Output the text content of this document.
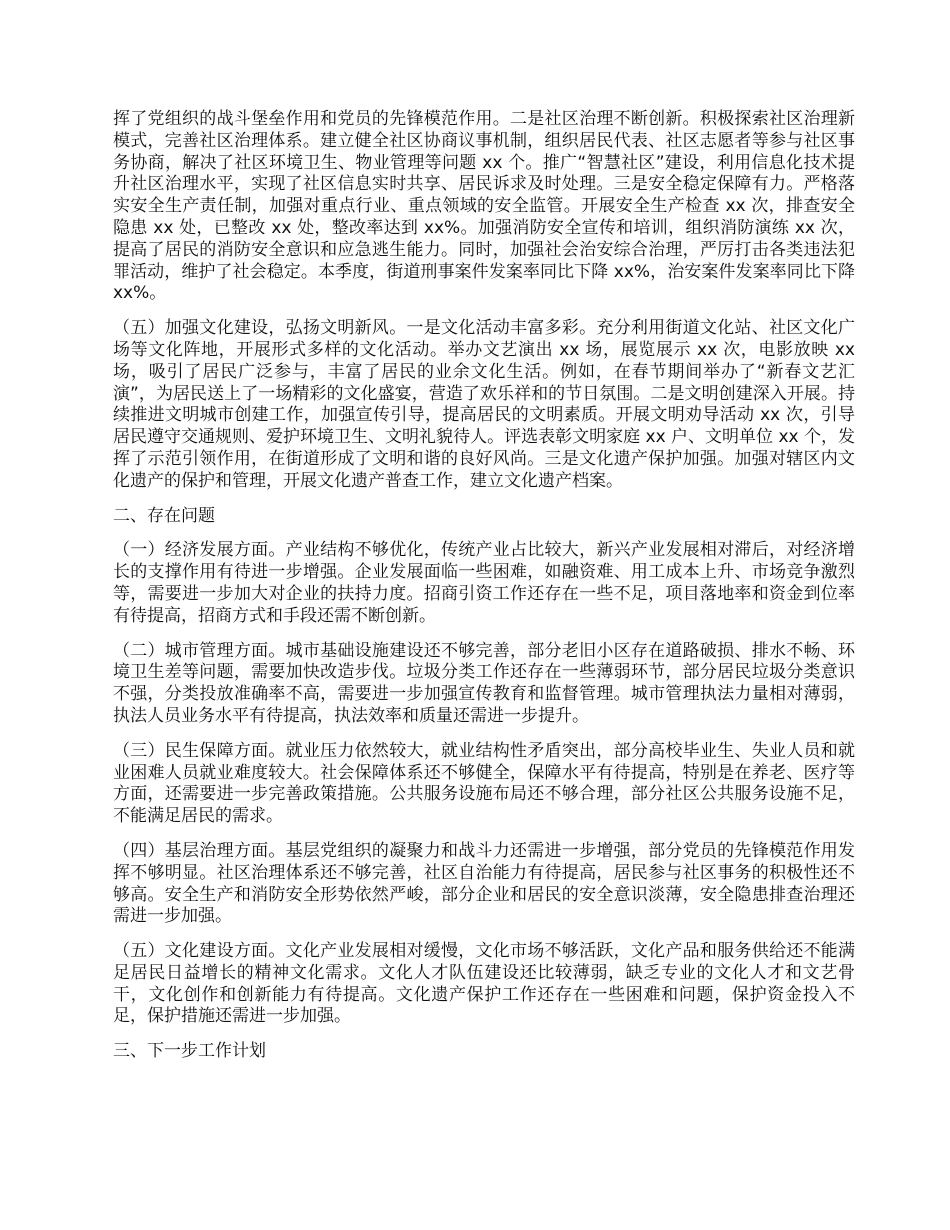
挥了党组织的战斗堡垒作用和党员的先锋模范作用。二是社区治理不断创新。积极探索社区治理新模式，完善社区治理体系。建立健全社区协商议事机制，组织居民代表、社区志愿者等参与社区事务协商，解决了社区环境卫生、物业管理等问题 xx 个。推广“智慧社区”建设，利用信息化技术提升社区治理水平，实现了社区信息实时共享、居民诉求及时处理。三是安全稳定保障有力。严格落实安全生产责任制，加强对重点行业、重点领域的安全监管。开展安全生产检查 xx 次，排查安全隐患 xx 处，已整改 xx 处，整改率达到 xx%。加强消防安全宣传和培训，组织消防演练 xx 次，提高了居民的消防安全意识和应急逃生能力。同时，加强社会治安综合治理，严厉打击各类违法犯罪活动，维护了社会稳定。本季度，街道刑事案件发案率同比下降 xx%，治安案件发案率同比下降 xx%。

（五）加强文化建设，弘扬文明新风。一是文化活动丰富多彩。充分利用街道文化站、社区文化广场等文化阵地，开展形式多样的文化活动。举办文艺演出 xx 场，展览展示 xx 次，电影放映 xx 场，吸引了居民广泛参与，丰富了居民的业余文化生活。例如，在春节期间举办了“新春文艺汇演”，为居民送上了一场精彩的文化盛宴，营造了欢乐祥和的节日氛围。二是文明创建深入开展。持续推进文明城市创建工作，加强宣传引导，提高居民的文明素质。开展文明劝导活动 xx 次，引导居民遵守交通规则、爱护环境卫生、文明礼貌待人。评选表彰文明家庭 xx 户、文明单位 xx 个，发挥了示范引领作用，在街道形成了文明和谐的良好风尚。三是文化遗产保护加强。加强对辖区内文化遗产的保护和管理，开展文化遗产普查工作，建立文化遗产档案。

二、存在问题

（一）经济发展方面。产业结构不够优化，传统产业占比较大，新兴产业发展相对滞后，对经济增长的支撑作用有待进一步增强。企业发展面临一些困难，如融资难、用工成本上升、市场竞争激烈等，需要进一步加大对企业的扶持力度。招商引资工作还存在一些不足，项目落地率和资金到位率有待提高，招商方式和手段还需不断创新。

（二）城市管理方面。城市基础设施建设还不够完善，部分老旧小区存在道路破损、排水不畅、环境卫生差等问题，需要加快改造步伐。垃圾分类工作还存在一些薄弱环节，部分居民垃圾分类意识不强，分类投放准确率不高，需要进一步加强宣传教育和监督管理。城市管理执法力量相对薄弱，执法人员业务水平有待提高，执法效率和质量还需进一步提升。

（三）民生保障方面。就业压力依然较大，就业结构性矛盾突出，部分高校毕业生、失业人员和就业困难人员就业难度较大。社会保障体系还不够健全，保障水平有待提高，特别是在养老、医疗等方面，还需要进一步完善政策措施。公共服务设施布局还不够合理，部分社区公共服务设施不足，不能满足居民的需求。

（四）基层治理方面。基层党组织的凝聚力和战斗力还需进一步增强，部分党员的先锋模范作用发挥不够明显。社区治理体系还不够完善，社区自治能力有待提高，居民参与社区事务的积极性还不够高。安全生产和消防安全形势依然严峻，部分企业和居民的安全意识淡薄，安全隐患排查治理还需进一步加强。

（五）文化建设方面。文化产业发展相对缓慢，文化市场不够活跃，文化产品和服务供给还不能满足居民日益增长的精神文化需求。文化人才队伍建设还比较薄弱，缺乏专业的文化人才和文艺骨干，文化创作和创新能力有待提高。文化遗产保护工作还存在一些困难和问题，保护资金投入不足，保护措施还需进一步加强。

三、下一步工作计划
